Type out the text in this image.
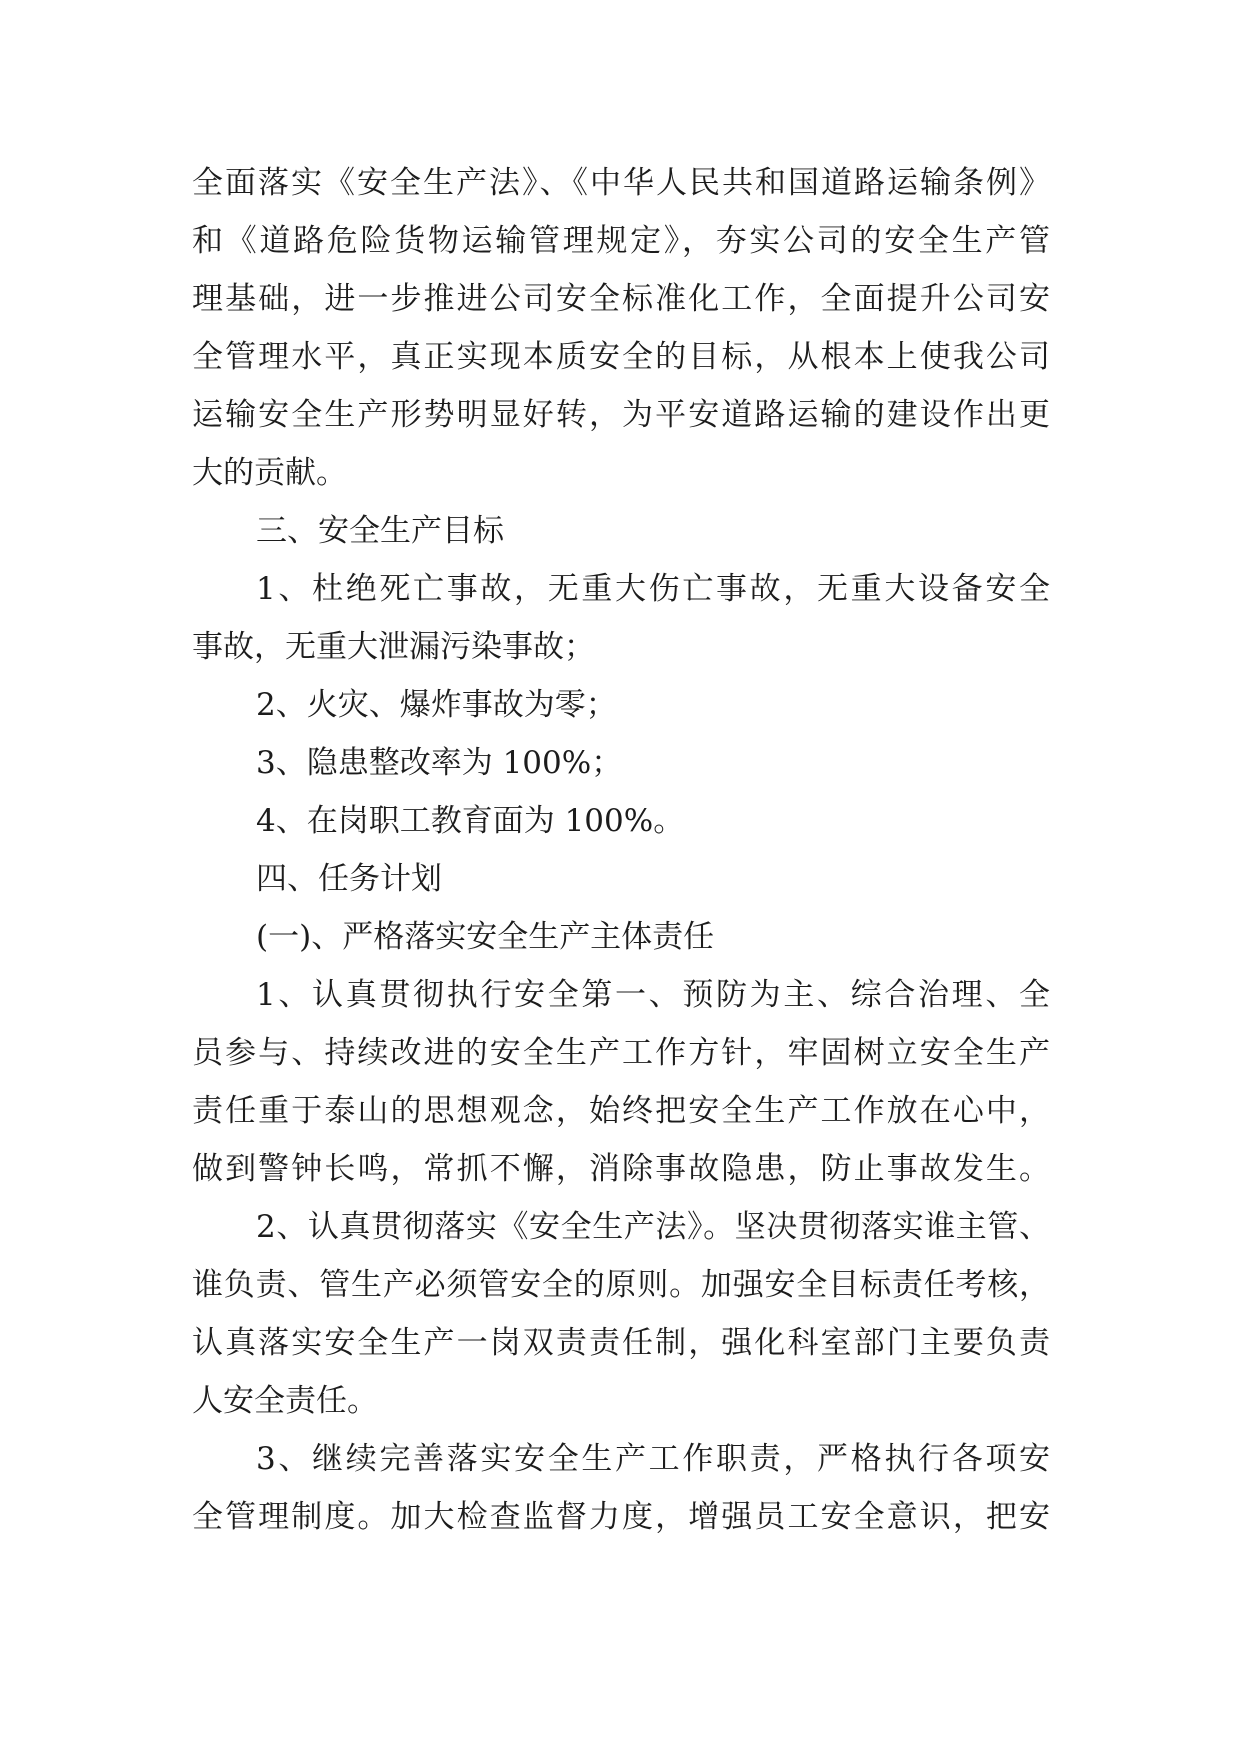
全面落实《安全生产法》、《中华人民共和国道路运输条例》
和《道路危险货物运输管理规定》，夯实公司的安全生产管
理基础，进一步推进公司安全标准化工作，全面提升公司安
全管理水平，真正实现本质安全的目标，从根本上使我公司
运输安全生产形势明显好转，为平安道路运输的建设作出更
大的贡献。
三、安全生产目标
1、杜绝死亡事故，无重大伤亡事故，无重大设备安全
事故，无重大泄漏污染事故；
2、火灾、爆炸事故为零；
3、隐患整改率为 100%；
4、在岗职工教育面为 100%。
四、任务计划
(一)、严格落实安全生产主体责任
1、认真贯彻执行安全第一、预防为主、综合治理、全
员参与、持续改进的安全生产工作方针，牢固树立安全生产
责任重于泰山的思想观念，始终把安全生产工作放在心中，
做到警钟长鸣，常抓不懈，消除事故隐患，防止事故发生。
2、认真贯彻落实《安全生产法》。坚决贯彻落实谁主管、
谁负责、管生产必须管安全的原则。加强安全目标责任考核，
认真落实安全生产一岗双责责任制，强化科室部门主要负责
人安全责任。
3、继续完善落实安全生产工作职责，严格执行各项安
全管理制度。加大检查监督力度，增强员工安全意识，把安
